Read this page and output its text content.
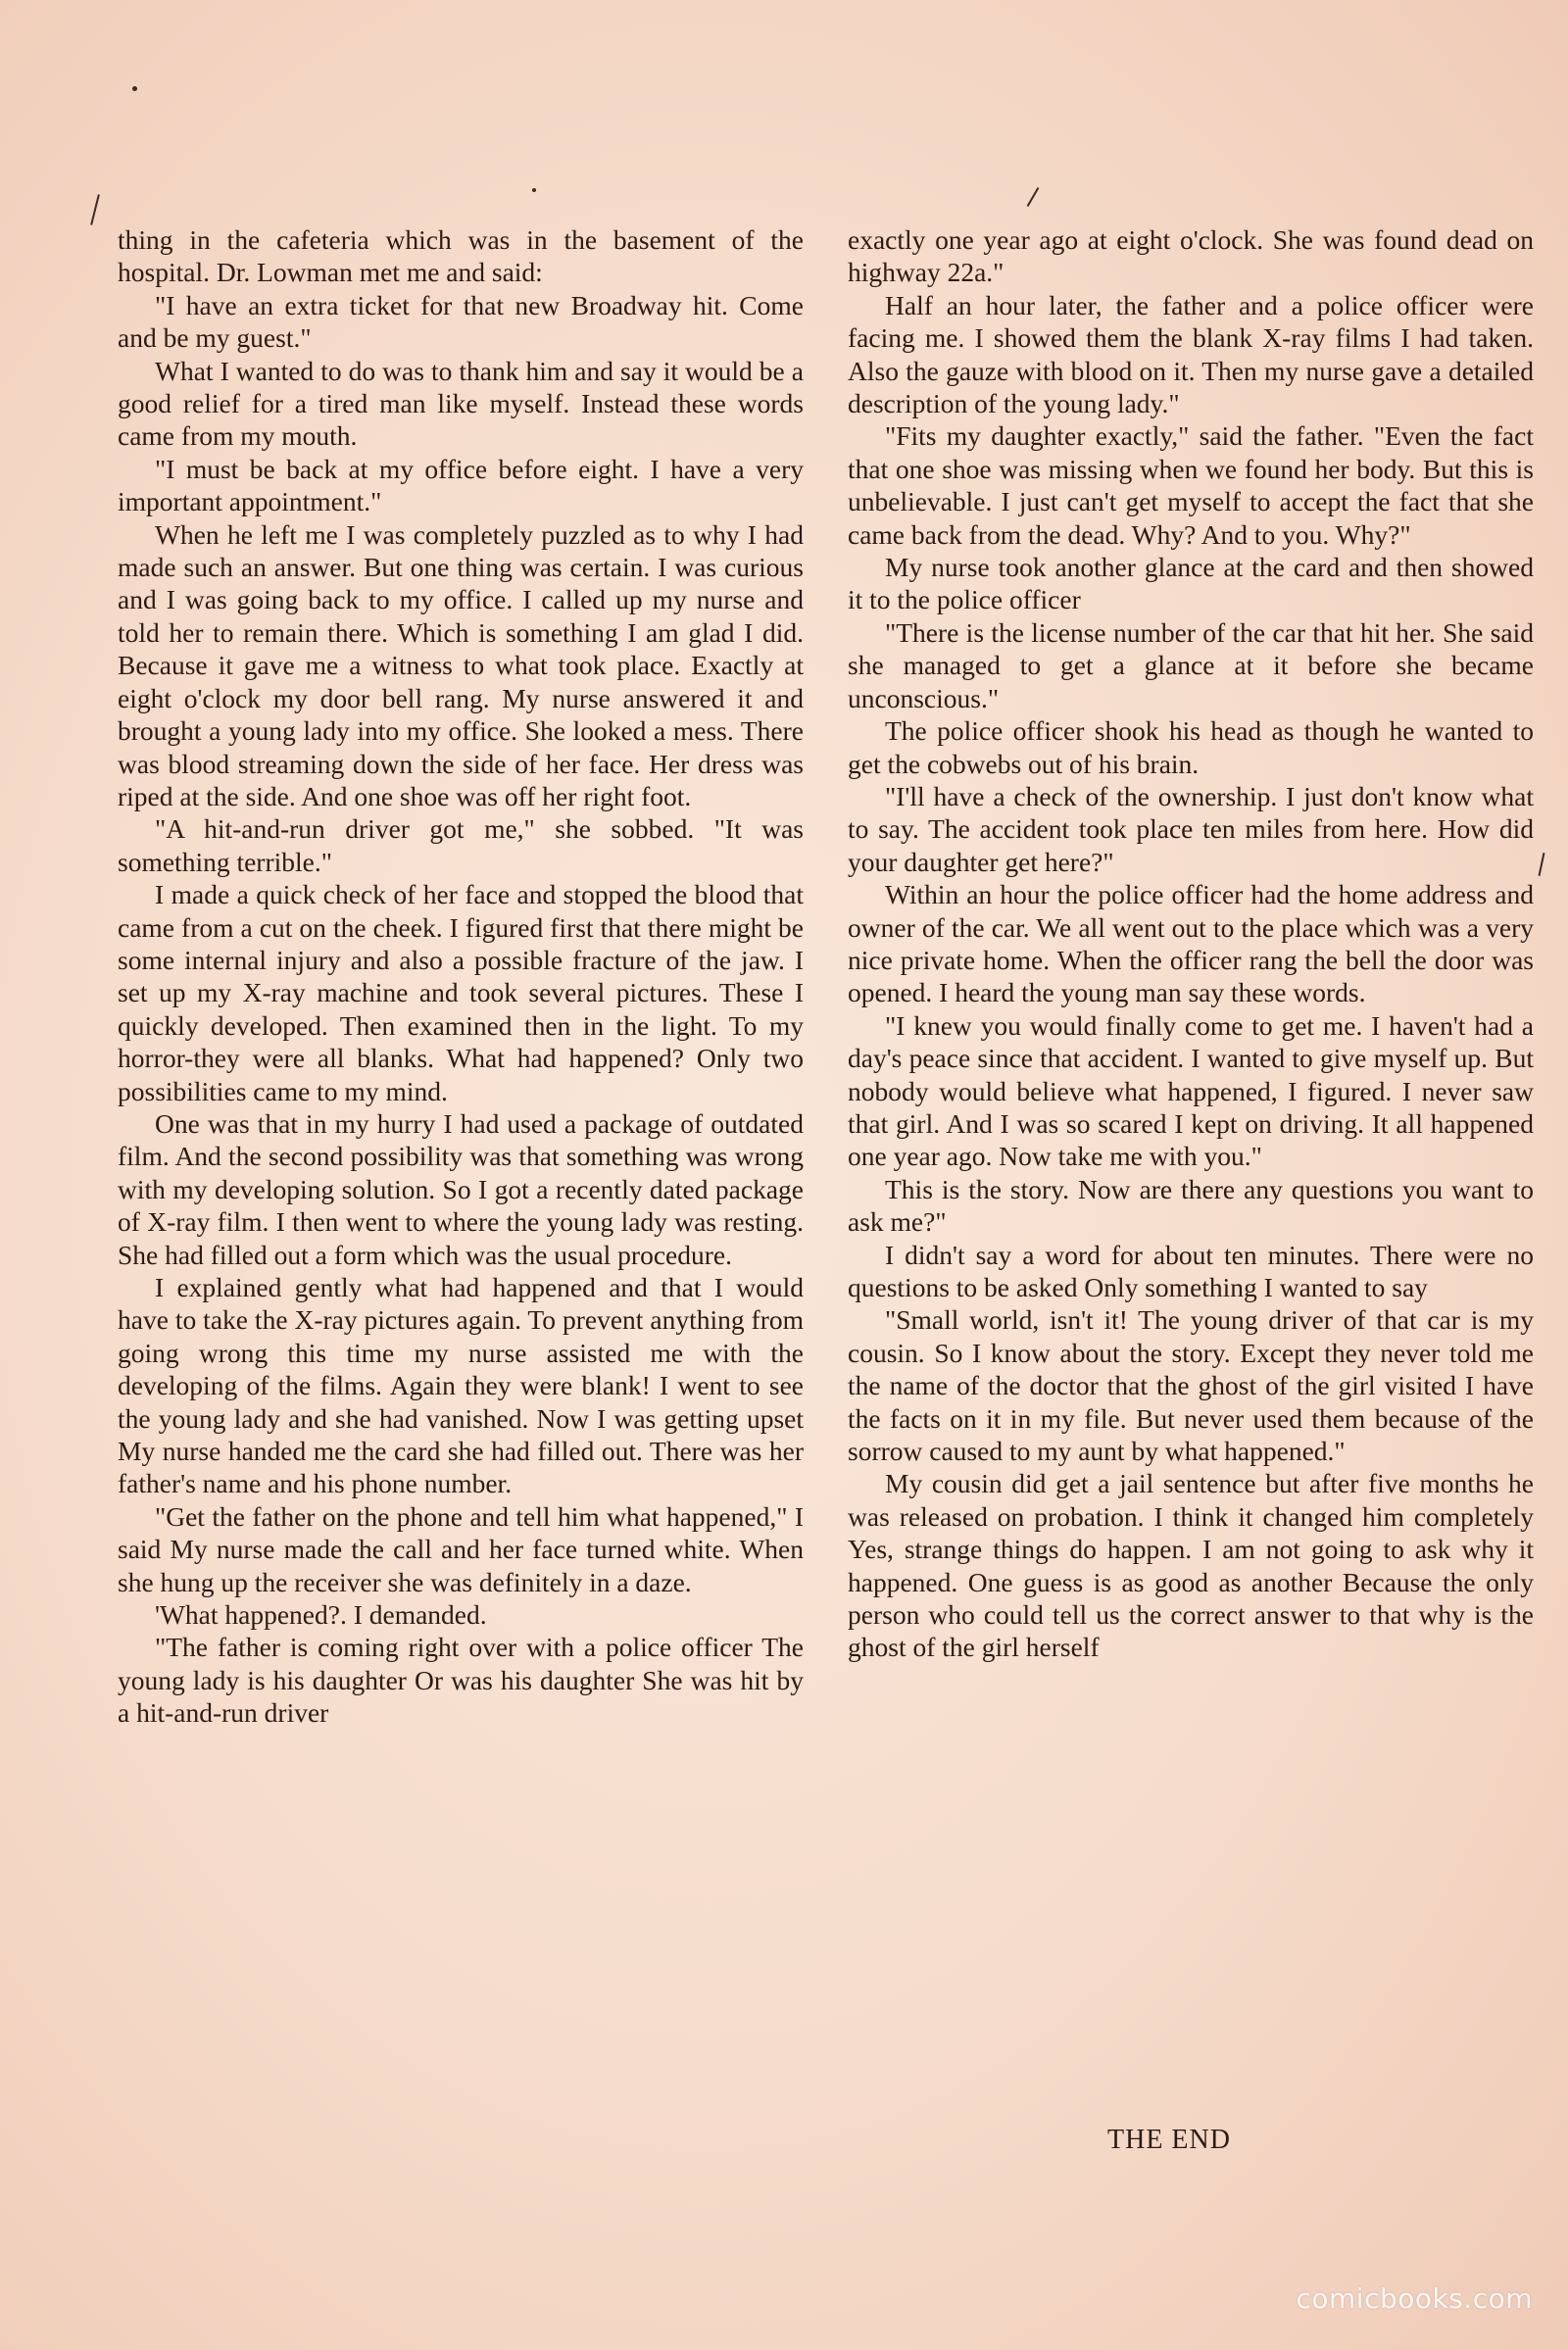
thing in the cafeteria which was in the basement of the hospital. Dr. Lowman met me and said:

"I have an extra ticket for that new Broadway hit. Come and be my guest."

What I wanted to do was to thank him and say it would be a good relief for a tired man like myself. Instead these words came from my mouth.

"I must be back at my office before eight. I have a very important appointment."

When he left me I was completely puzzled as to why I had made such an answer. But one thing was certain. I was curious and I was going back to my office. I called up my nurse and told her to remain there. Which is something I am glad I did. Because it gave me a witness to what took place. Exactly at eight o'clock my door bell rang. My nurse answered it and brought a young lady into my office. She looked a mess. There was blood streaming down the side of her face. Her dress was riped at the side. And one shoe was off her right foot.

"A hit-and-run driver got me," she sobbed. "It was something terrible."

I made a quick check of her face and stopped the blood that came from a cut on the cheek. I figured first that there might be some internal injury and also a possible fracture of the jaw. I set up my X-ray machine and took several pictures. These I quickly developed. Then examined then in the light. To my horror-they were all blanks. What had happened? Only two possibilities came to my mind.

One was that in my hurry I had used a package of outdated film. And the second possibility was that something was wrong with my developing solution. So I got a recently dated package of X-ray film. I then went to where the young lady was resting. She had filled out a form which was the usual procedure.

I explained gently what had happened and that I would have to take the X-ray pictures again. To prevent anything from going wrong this time my nurse assisted me with the developing of the films. Again they were blank! I went to see the young lady and she had vanished. Now I was getting upset My nurse handed me the card she had filled out. There was her father's name and his phone number.

"Get the father on the phone and tell him what happened," I said My nurse made the call and her face turned white. When she hung up the receiver she was definitely in a daze.

'What happened?. I demanded.

"The father is coming right over with a police officer The young lady is his daughter Or was his daughter She was hit by a hit-and-run driver

exactly one year ago at eight o'clock. She was found dead on highway 22a."

Half an hour later, the father and a police officer were facing me. I showed them the blank X-ray films I had taken. Also the gauze with blood on it. Then my nurse gave a detailed description of the young lady."

"Fits my daughter exactly," said the father. "Even the fact that one shoe was missing when we found her body. But this is unbelievable. I just can't get myself to accept the fact that she came back from the dead. Why? And to you. Why?"

My nurse took another glance at the card and then showed it to the police officer

"There is the license number of the car that hit her. She said she managed to get a glance at it before she became unconscious."

The police officer shook his head as though he wanted to get the cobwebs out of his brain.

"I'll have a check of the ownership. I just don't know what to say. The accident took place ten miles from here. How did your daughter get here?"

Within an hour the police officer had the home address and owner of the car. We all went out to the place which was a very nice private home. When the officer rang the bell the door was opened. I heard the young man say these words.

"I knew you would finally come to get me. I haven't had a day's peace since that accident. I wanted to give myself up. But nobody would believe what happened, I figured. I never saw that girl. And I was so scared I kept on driving. It all happened one year ago. Now take me with you."

This is the story. Now are there any questions you want to ask me?"

I didn't say a word for about ten minutes. There were no questions to be asked Only something I wanted to say

"Small world, isn't it! The young driver of that car is my cousin. So I know about the story. Except they never told me the name of the doctor that the ghost of the girl visited I have the facts on it in my file. But never used them because of the sorrow caused to my aunt by what happened."

My cousin did get a jail sentence but after five months he was released on probation. I think it changed him completely Yes, strange things do happen. I am not going to ask why it happened. One guess is as good as another Because the only person who could tell us the correct answer to that why is the ghost of the girl herself

THE END
comicbooks.com
